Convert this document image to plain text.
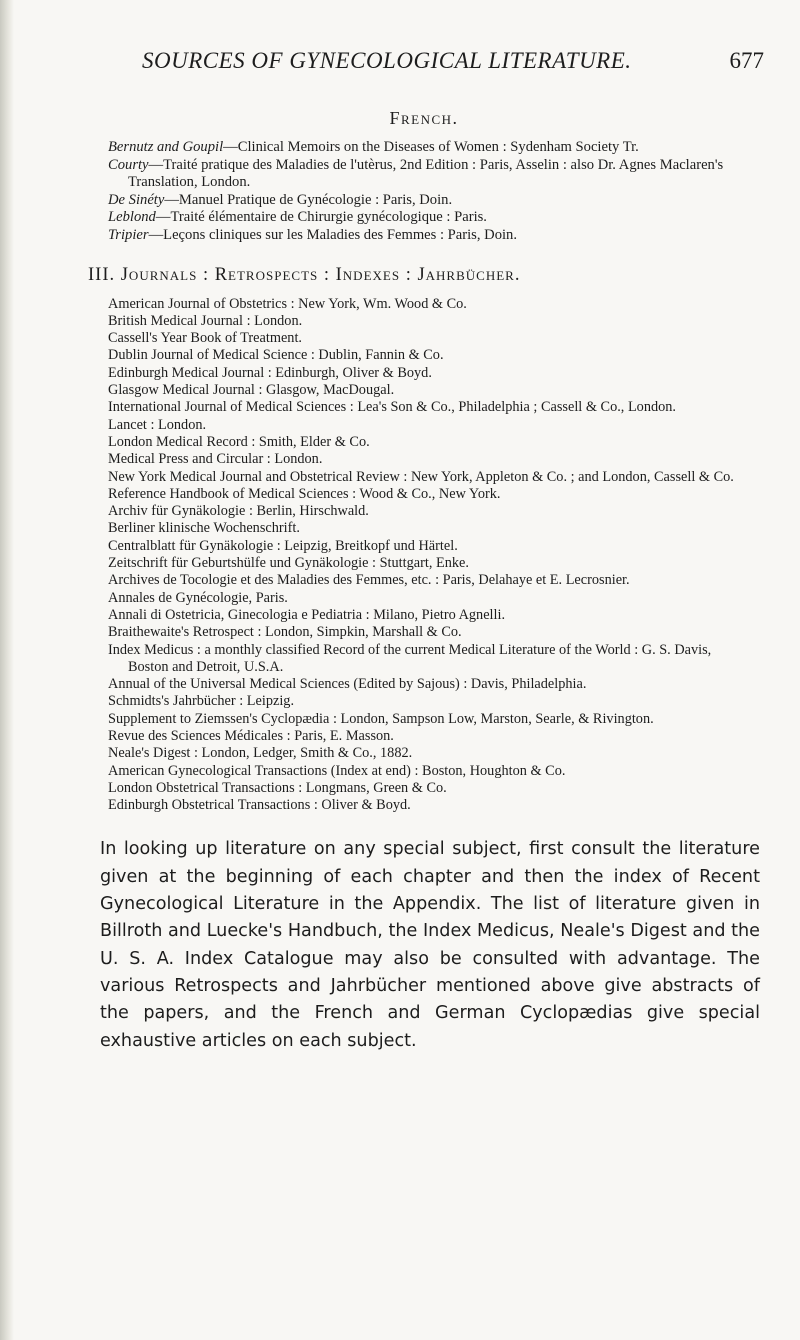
SOURCES OF GYNECOLOGICAL LITERATURE.	677
French.
Bernutz and Goupil—Clinical Memoirs on the Diseases of Women : Sydenham Society Tr.
Courty—Traité pratique des Maladies de l'utèrus, 2nd Edition : Paris, Asselin : also Dr. Agnes Maclaren's Translation, London.
De Sinéty—Manuel Pratique de Gynécologie : Paris, Doin.
Leblond—Traité élémentaire de Chirurgie gynécologique : Paris.
Tripier—Leçons cliniques sur les Maladies des Femmes : Paris, Doin.
III. Journals : Retrospects : Indexes : Jahrbücher.
American Journal of Obstetrics : New York, Wm. Wood & Co.
British Medical Journal : London.
Cassell's Year Book of Treatment.
Dublin Journal of Medical Science : Dublin, Fannin & Co.
Edinburgh Medical Journal : Edinburgh, Oliver & Boyd.
Glasgow Medical Journal : Glasgow, MacDougal.
International Journal of Medical Sciences : Lea's Son & Co., Philadelphia ; Cassell & Co., London.
Lancet : London.
London Medical Record : Smith, Elder & Co.
Medical Press and Circular : London.
New York Medical Journal and Obstetrical Review : New York, Appleton & Co. ; and London, Cassell & Co.
Reference Handbook of Medical Sciences : Wood & Co., New York.
Archiv für Gynäkologie : Berlin, Hirschwald.
Berliner klinische Wochenschrift.
Centralblatt für Gynäkologie : Leipzig, Breitkopf und Härtel.
Zeitschrift für Geburtshülfe und Gynäkologie : Stuttgart, Enke.
Archives de Tocologie et des Maladies des Femmes, etc. : Paris, Delahaye et E. Lecrosnier.
Annales de Gynécologie, Paris.
Annali di Ostetricia, Ginecologia e Pediatria : Milano, Pietro Agnelli.
Braithewaite's Retrospect : London, Simpkin, Marshall & Co.
Index Medicus : a monthly classified Record of the current Medical Literature of the World : G. S. Davis, Boston and Detroit, U.S.A.
Annual of the Universal Medical Sciences (Edited by Sajous) : Davis, Philadelphia.
Schmidts's Jahrbücher : Leipzig.
Supplement to Ziemssen's Cyclopædia : London, Sampson Low, Marston, Searle, & Rivington.
Revue des Sciences Médicales : Paris, E. Masson.
Neale's Digest : London, Ledger, Smith & Co., 1882.
American Gynecological Transactions (Index at end) : Boston, Houghton & Co.
London Obstetrical Transactions : Longmans, Green & Co.
Edinburgh Obstetrical Transactions : Oliver & Boyd.

In looking up literature on any special subject, first consult the literature given at the beginning of each chapter and then the index of Recent Gynecological Literature in the Appendix. The list of literature given in Billroth and Luecke's Handbuch, the Index Medicus, Neale's Digest and the U. S. A. Index Catalogue may also be consulted with advantage. The various Retrospects and Jahrbücher mentioned above give abstracts of the papers, and the French and German Cyclopædias give special exhaustive articles on each subject.
